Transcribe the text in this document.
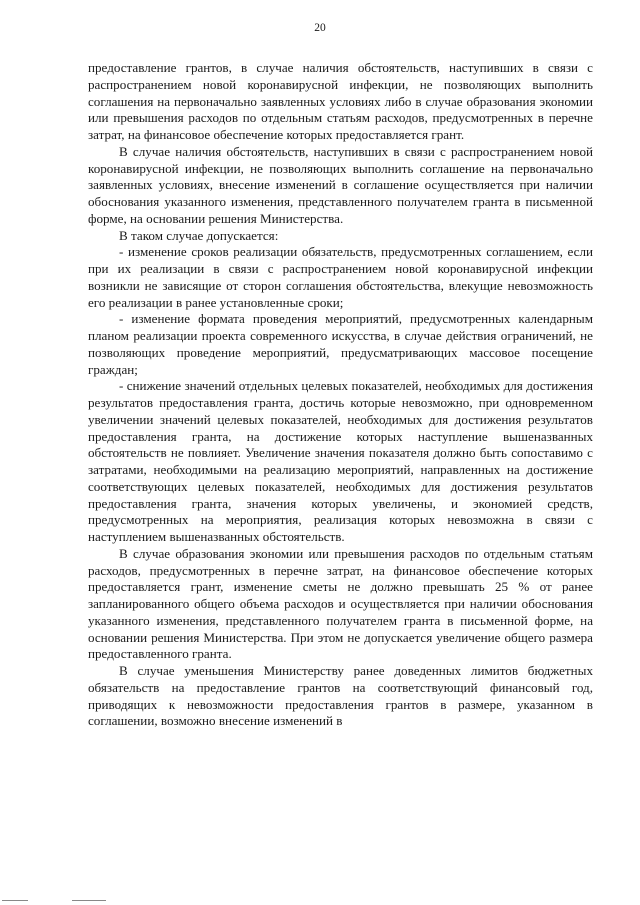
20

предоставление грантов, в случае наличия обстоятельств, наступивших в связи с распространением новой коронавирусной инфекции, не позволяющих выполнить соглашения на первоначально заявленных условиях либо в случае образования экономии или превышения расходов по отдельным статьям расходов, предусмотренных в перечне затрат, на финансовое обеспечение которых предоставляется грант.

В случае наличия обстоятельств, наступивших в связи с распространением новой коронавирусной инфекции, не позволяющих выполнить соглашение на первоначально заявленных условиях, внесение изменений в соглашение осуществляется при наличии обоснования указанного изменения, представленного получателем гранта в письменной форме, на основании решения Министерства.

В таком случае допускается:

- изменение сроков реализации обязательств, предусмотренных соглашением, если при их реализации в связи с распространением новой коронавирусной инфекции возникли не зависящие от сторон соглашения обстоятельства, влекущие невозможность его реализации в ранее установленные сроки;

- изменение формата проведения мероприятий, предусмотренных календарным планом реализации проекта современного искусства, в случае действия ограничений, не позволяющих проведение мероприятий, предусматривающих массовое посещение граждан;

- снижение значений отдельных целевых показателей, необходимых для достижения результатов предоставления гранта, достичь которые невозможно, при одновременном увеличении значений целевых показателей, необходимых для достижения результатов предоставления гранта, на достижение которых наступление вышеназванных обстоятельств не повлияет. Увеличение значения показателя должно быть сопоставимо с затратами, необходимыми на реализацию мероприятий, направленных на достижение соответствующих целевых показателей, необходимых для достижения результатов предоставления гранта, значения которых увеличены, и экономией средств, предусмотренных на мероприятия, реализация которых невозможна в связи с наступлением вышеназванных обстоятельств.

В случае образования экономии или превышения расходов по отдельным статьям расходов, предусмотренных в перечне затрат, на финансовое обеспечение которых предоставляется грант, изменение сметы не должно превышать 25 % от ранее запланированного общего объема расходов и осуществляется при наличии обоснования указанного изменения, представленного получателем гранта в письменной форме, на основании решения Министерства. При этом не допускается увеличение общего размера предоставленного гранта.

В случае уменьшения Министерству ранее доведенных лимитов бюджетных обязательств на предоставление грантов на соответствующий финансовый год, приводящих к невозможности предоставления грантов в размере, указанном в соглашении, возможно внесение изменений в
